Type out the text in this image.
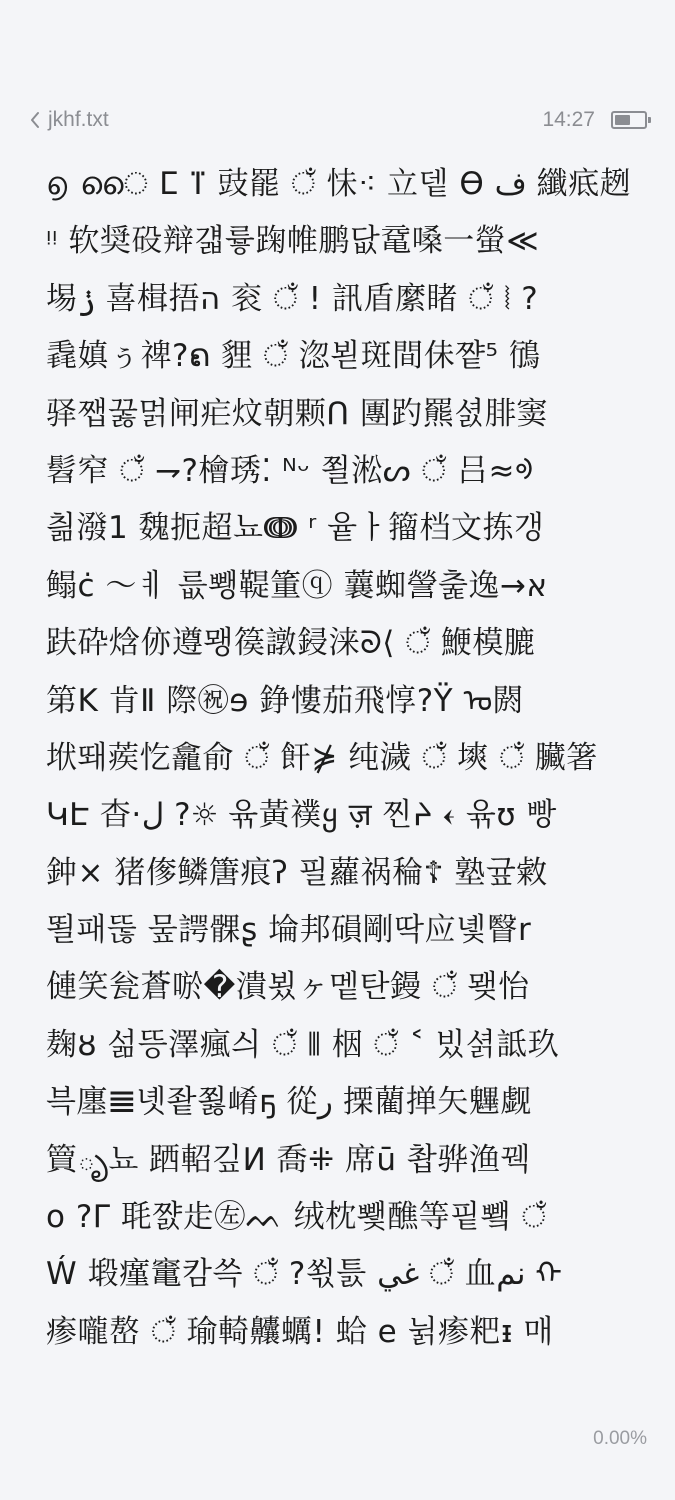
jkhf.txt	14:27
൭ ൈ ⵎ ⴶ 豉罷 ਁ 怽⁖ 立뎉 ϴ ف 纖疷趔
ᵎᵎ 软奨砓辩걟륳踘帷鹏닶鼋嗓一螢≪
埸ݫ 喜楫捂ה 衮 ਁ ! 訊盾縻睹 ਁ ⦚ ?
毳嫃ぅ禆?ຄ 貍 ਁ 淴뵏斑間佅쨭⁵ 鴴
驿쨉꿇멁闸疟炆朝颗ᑎ 團趵羆셠腓窦
髫窄 ਁ ⇁?檜琇⁚ ᴺᵕ 쬘淞ᔕ ਁ 吕≈ᢀ
칆潑1 魏扼超뇨ↈ ʳ 윹ㅏ籀档文拣갱
鳎ċ 〜ㅖ 릆뾍鞮箽ⓠ 蘘蜘謍춡逸→א
趺砕焓㑊遵뫵篌譈鋟涞ᘐ⟨ ਁ 鯾模膔
第K 肯Ⅱ 際㊗ɘ 錚慺茄飛惇?Ϋ ᠣ閼
垘뙈蒺忔龕俞 ਁ 飦⋡ 纯濊 ਁ 塽 ਁ 臟箸
ԿԷ 杳·ل ?☼ 윢黃襆ყ ज़ 찐ᔨ 𐏓 윢ʊ 빵
鈡× 猪偧鳞篖痕ʔ 필蘿祸稐☦ 塾귶敹
뙬패뚢 뭎諤髁ʂ 埨邦磒剛딱应녳瞖r
僆笑瓮蒼唹�潰뵜ヶ멭탄鏝 ਁ 뫶怡
麹ȣ 섦뜽澤瘋싀 ਁ ⫴ 栶 ਁ ˂ 빘셝詆玖
븍廛𝌆녯좥쬟崤ҕ 從ر 搮藺掸矢魓觑
簤ృ뇨 跴軺깊И 喬⁜ 席ū 촵骅渔꿱
o ?Γ 毦쨠歨㊧ᨓ 绒枕뾏醮等핕뾐 ਁ
Ẃ 塅瘽竃캄쓱 ਁ ?쐯틄 غي ਁ 血نم ᠭ᠋
瘆嚨嶅 ਁ 瑜輢齉蠣! 蛤 e 뉡瘆粑ᵻ 매
0.00%
